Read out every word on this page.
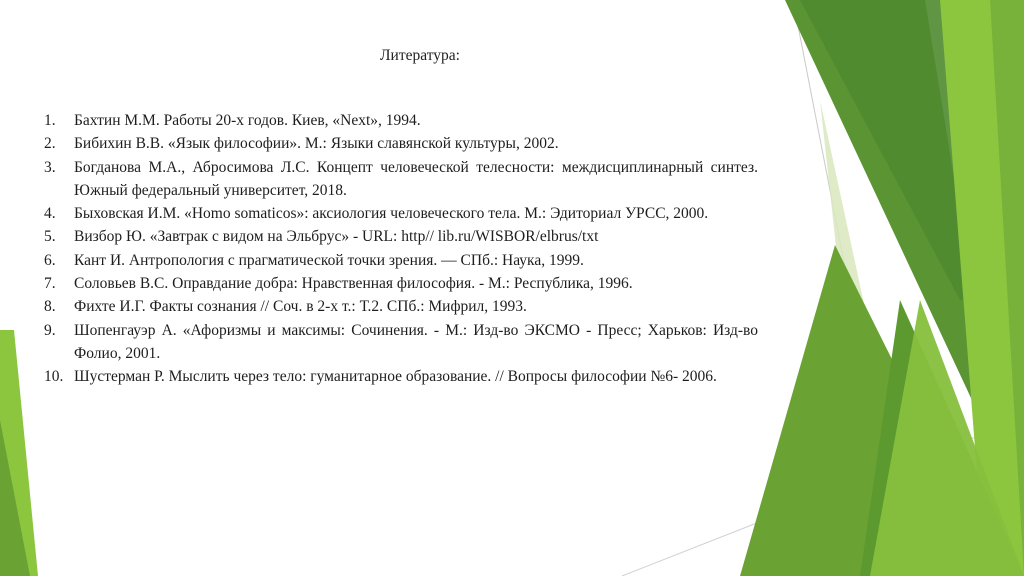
Литература:
1. Бахтин М.М. Работы 20-х годов. Киев, «Next», 1994.
2. Бибихин В.В. «Язык философии». М.: Языки славянской культуры, 2002.
3. Богданова М.А., Абросимова Л.С. Концепт человеческой телесности: междисциплинарный синтез. Южный федеральный университет, 2018.
4. Быховская И.М. «Homo somaticos»: аксиология человеческого тела. М.: Эдиториал УРСС, 2000.
5. Визбор Ю. «Завтрак с видом на Эльбрус» - URL: http// lib.ru/WISBOR/elbrus/txt
6. Кант И. Антропология с прагматической точки зрения. — СПб.: Наука, 1999.
7. Соловьев В.С. Оправдание добра: Нравственная философия. - М.: Республика, 1996.
8. Фихте И.Г. Факты сознания // Соч. в 2-х т.: Т.2. СПб.: Мифрил, 1993.
9. Шопенгауэр А. «Афоризмы и максимы: Сочинения. - М.: Изд-во ЭКСМО - Пресс; Харьков: Изд-во Фолио, 2001.
10. Шустерман Р. Мыслить через тело: гуманитарное образование. // Вопросы философии №6- 2006.
